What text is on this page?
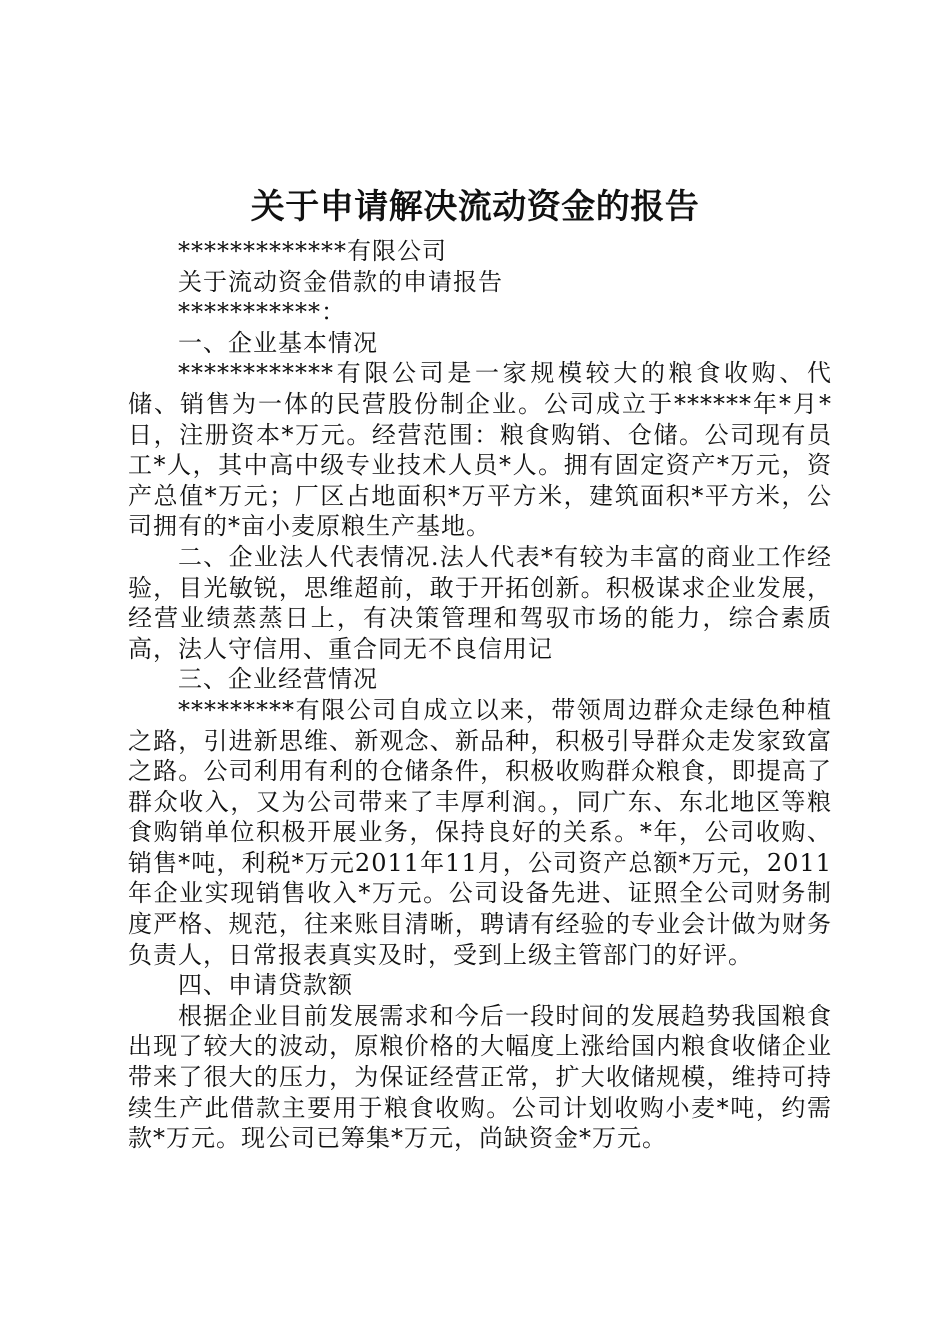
关于申请解决流动资金的报告

*************有限公司

关于流动资金借款的申请报告

***********：

一、企业基本情况

************有限公司是一家规模较大的粮食收购、代储、销售为一体的民营股份制企业。公司成立于******年*月*日，注册资本*万元。经营范围：粮食购销、仓储。公司现有员工*人，其中高中级专业技术人员*人。拥有固定资产*万元，资产总值*万元；厂区占地面积*万平方米，建筑面积*平方米，公司拥有的*亩小麦原粮生产基地。

二、企业法人代表情况.法人代表*有较为丰富的商业工作经验，目光敏锐，思维超前，敢于开拓创新。积极谋求企业发展，经营业绩蒸蒸日上，有决策管理和驾驭市场的能力，综合素质高，法人守信用、重合同无不良信用记

三、企业经营情况

*********有限公司自成立以来，带领周边群众走绿色种植之路，引进新思维、新观念、新品种，积极引导群众走发家致富之路。公司利用有利的仓储条件，积极收购群众粮食，即提高了群众收入，又为公司带来了丰厚利润。，同广东、东北地区等粮食购销单位积极开展业务，保持良好的关系。*年，公司收购、销售*吨，利税*万元2011年11月，公司资产总额*万元，2011年企业实现销售收入*万元。公司设备先进、证照全公司财务制度严格、规范，往来账目清晰，聘请有经验的专业会计做为财务负责人，日常报表真实及时，受到上级主管部门的好评。

四、申请贷款额

根据企业目前发展需求和今后一段时间的发展趋势我国粮食出现了较大的波动，原粮价格的大幅度上涨给国内粮食收储企业带来了很大的压力，为保证经营正常，扩大收储规模，维持可持续生产此借款主要用于粮食收购。公司计划收购小麦*吨，约需款*万元。现公司已筹集*万元，尚缺资金*万元。
